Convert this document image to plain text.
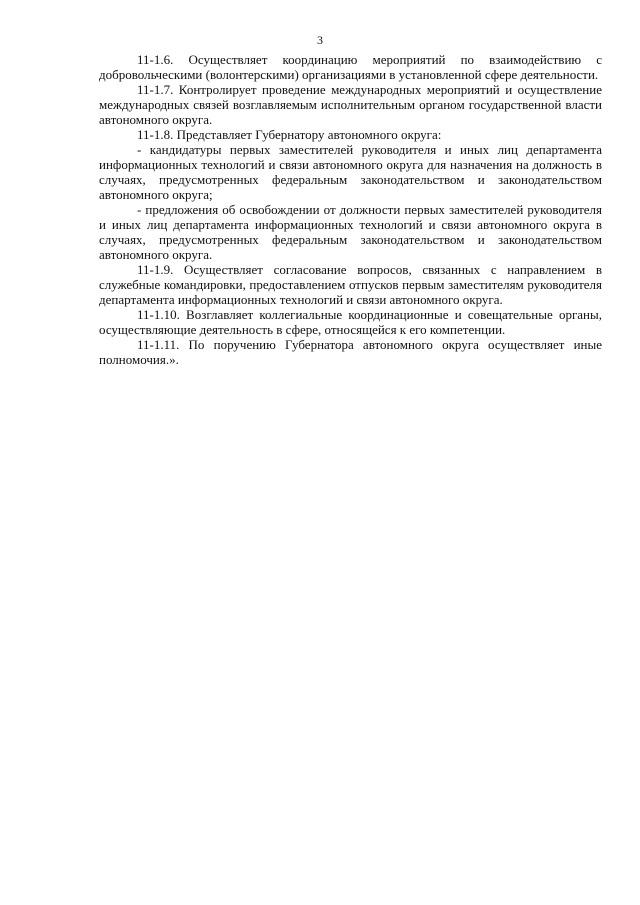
3

11-1.6. Осуществляет координацию мероприятий по взаимодействию с добровольческими (волонтерскими) организациями в установленной сфере деятельности.

11-1.7. Контролирует проведение международных мероприятий и осуществление международных связей возглавляемым исполнительным органом государственной власти автономного округа.

11-1.8. Представляет Губернатору автономного округа:

- кандидатуры первых заместителей руководителя и иных лиц департамента информационных технологий и связи автономного округа для назначения на должность в случаях, предусмотренных федеральным законодательством и законодательством автономного округа;

- предложения об освобождении от должности первых заместителей руководителя и иных лиц департамента информационных технологий и связи автономного округа в случаях, предусмотренных федеральным законодательством и законодательством автономного округа.

11-1.9. Осуществляет согласование вопросов, связанных с направлением в служебные командировки, предоставлением отпусков первым заместителям руководителя департамента информационных технологий и связи автономного округа.

11-1.10. Возглавляет коллегиальные координационные и совещательные органы, осуществляющие деятельность в сфере, относящейся к его компетенции.

11-1.11. По поручению Губернатора автономного округа осуществляет иные полномочия.».
